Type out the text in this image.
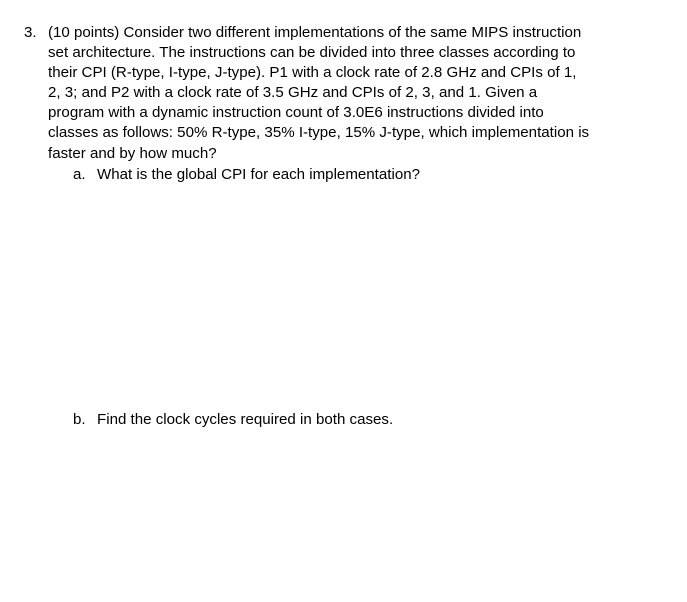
3. (10 points) Consider two different implementations of the same MIPS instruction
set architecture. The instructions can be divided into three classes according to
their CPI (R-type, I-type, J-type). P1 with a clock rate of 2.8 GHz and CPIs of 1,
2, 3; and P2 with a clock rate of 3.5 GHz and CPIs of 2, 3, and 1. Given a
program with a dynamic instruction count of 3.0E6 instructions divided into
classes as follows: 50% R-type, 35% I-type, 15% J-type, which implementation is
faster and by how much?

a. What is the global CPI for each implementation?
b. Find the clock cycles required in both cases.
